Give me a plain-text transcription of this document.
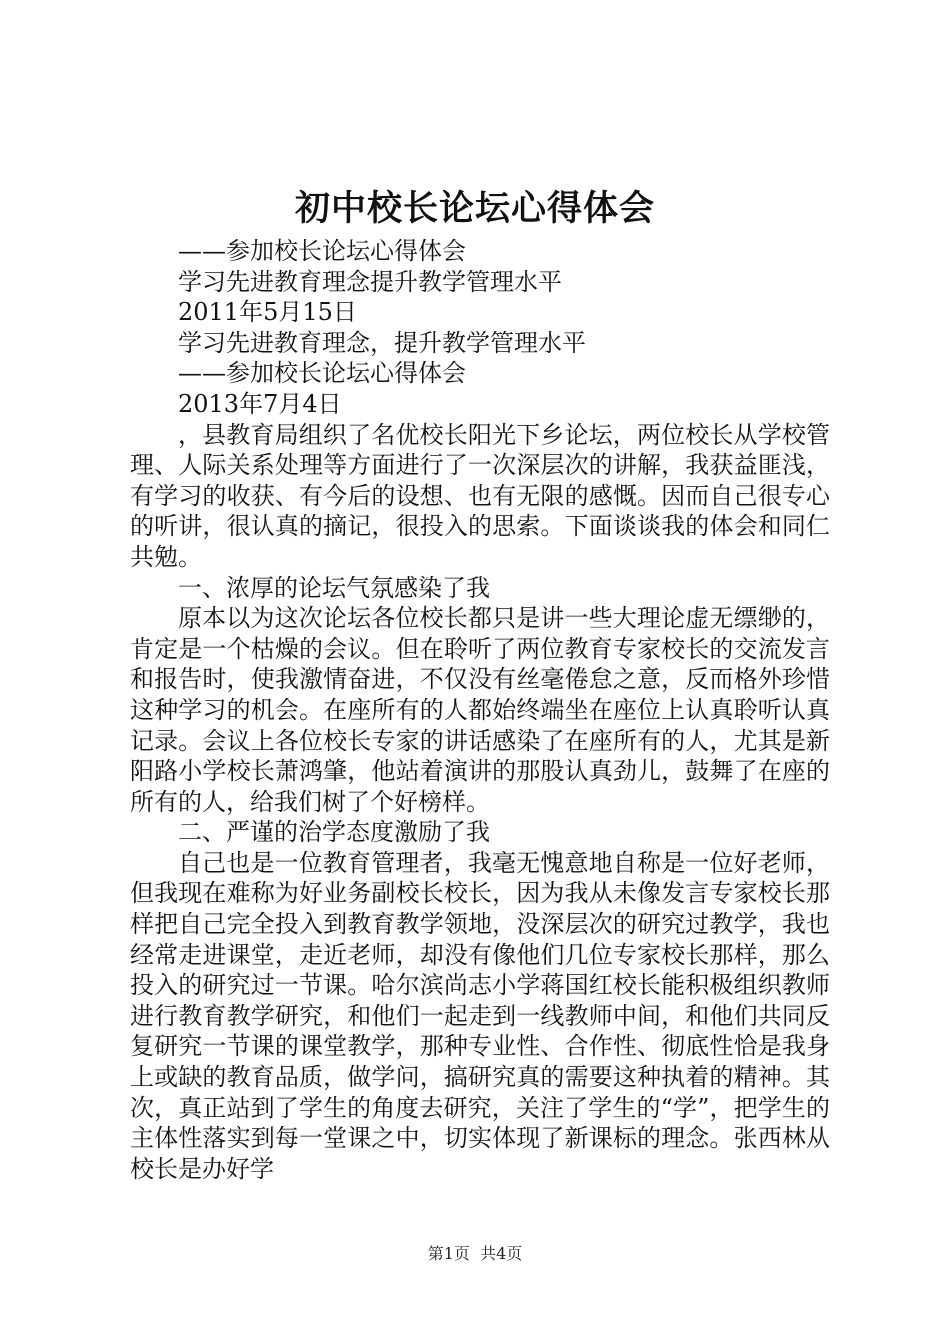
初中校长论坛心得体会
——参加校长论坛心得体会
学习先进教育理念提升教学管理水平
2011年5月15日
学习先进教育理念，提升教学管理水平
——参加校长论坛心得体会
2013年7月4日

，县教育局组织了名优校长阳光下乡论坛，两位校长从学校管理、人际关系处理等方面进行了一次深层次的讲解，我获益匪浅，有学习的收获、有今后的设想、也有无限的感慨。因而自己很专心的听讲，很认真的摘记，很投入的思索。下面谈谈我的体会和同仁共勉。

一、浓厚的论坛气氛感染了我

原本以为这次论坛各位校长都只是讲一些大理论虚无缥缈的，肯定是一个枯燥的会议。但在聆听了两位教育专家校长的交流发言和报告时，使我激情奋进，不仅没有丝毫倦怠之意，反而格外珍惜这种学习的机会。在座所有的人都始终端坐在座位上认真聆听认真记录。会议上各位校长专家的讲话感染了在座所有的人，尤其是新阳路小学校长萧鸿肇，他站着演讲的那股认真劲儿，鼓舞了在座的所有的人，给我们树了个好榜样。

二、严谨的治学态度激励了我

自己也是一位教育管理者，我毫无愧意地自称是一位好老师，但我现在难称为好业务副校长校长，因为我从未像发言专家校长那样把自己完全投入到教育教学领地，没深层次的研究过教学，我也经常走进课堂，走近老师，却没有像他们几位专家校长那样，那么投入的研究过一节课。哈尔滨尚志小学蒋国红校长能积极组织教师进行教育教学研究，和他们一起走到一线教师中间，和他们共同反复研究一节课的课堂教学，那种专业性、合作性、彻底性恰是我身上或缺的教育品质，做学问，搞研究真的需要这种执着的精神。其次，真正站到了学生的角度去研究，关注了学生的“学”，把学生的主体性落实到每一堂课之中，切实体现了新课标的理念。张西林从校长是办好学

第1页  共4页
